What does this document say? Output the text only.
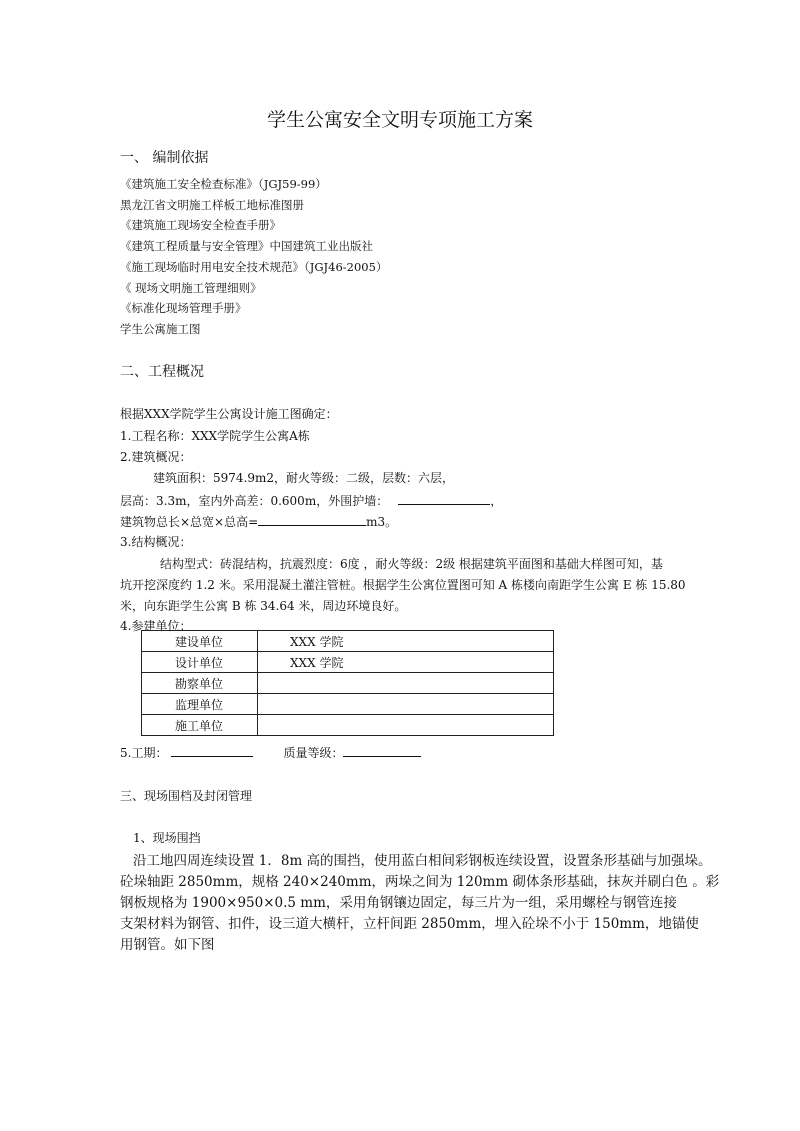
学生公寓安全文明专项施工方案
一、 编制依据
《建筑施工安全检查标准》（JGJ59-99）
黑龙江省文明施工样板工地标准图册
《建筑施工现场安全检查手册》
《建筑工程质量与安全管理》中国建筑工业出版社
《施工现场临时用电安全技术规范》（JGJ46-2005）
《 现场文明施工管理细则》
《标准化现场管理手册》
学生公寓施工图
二、工程概况
根据XXX学院学生公寓设计施工图确定：
1.工程名称：XXX学院学生公寓A栋
2.建筑概况：
建筑面积：5974.9m2，耐火等级：二级，层数：六层，
层高：3.3m，室内外高差：0.600m，外围护墙：	，
建筑物总长×总宽×总高=	m3。
3.结构概况：
结构型式：砖混结构，抗震烈度：6度 ，耐火等级：2级 根据建筑平面图和基础大样图可知，基
坑开挖深度约 1.2 米。采用混凝土灌注管桩。根据学生公寓位置图可知 A 栋楼向南距学生公寓 E 栋 15.80
米，向东距学生公寓 B 栋 34.64 米，周边环境良好。
4.参建单位：
建设单位	XXX 学院
设计单位	XXX 学院
勘察单位	
监理单位	
施工单位	
5.工期：	质量等级：
三、现场围档及封闭管理
1、现场围挡
沿工地四周连续设置 1．8m 高的围挡，使用蓝白相间彩钢板连续设置，设置条形基础与加强垛。
砼垛轴距 2850mm，规格 240×240mm，两垛之间为 120mm 砌体条形基础，抹灰并刷白色 。彩
钢板规格为 1900×950×0.5 mm，采用角钢镶边固定，每三片为一组，采用螺栓与钢管连接
支架材料为钢管、扣件，设三道大横杆，立杆间距 2850mm，埋入砼垛不小于 150mm，地锚使
用钢管。如下图
